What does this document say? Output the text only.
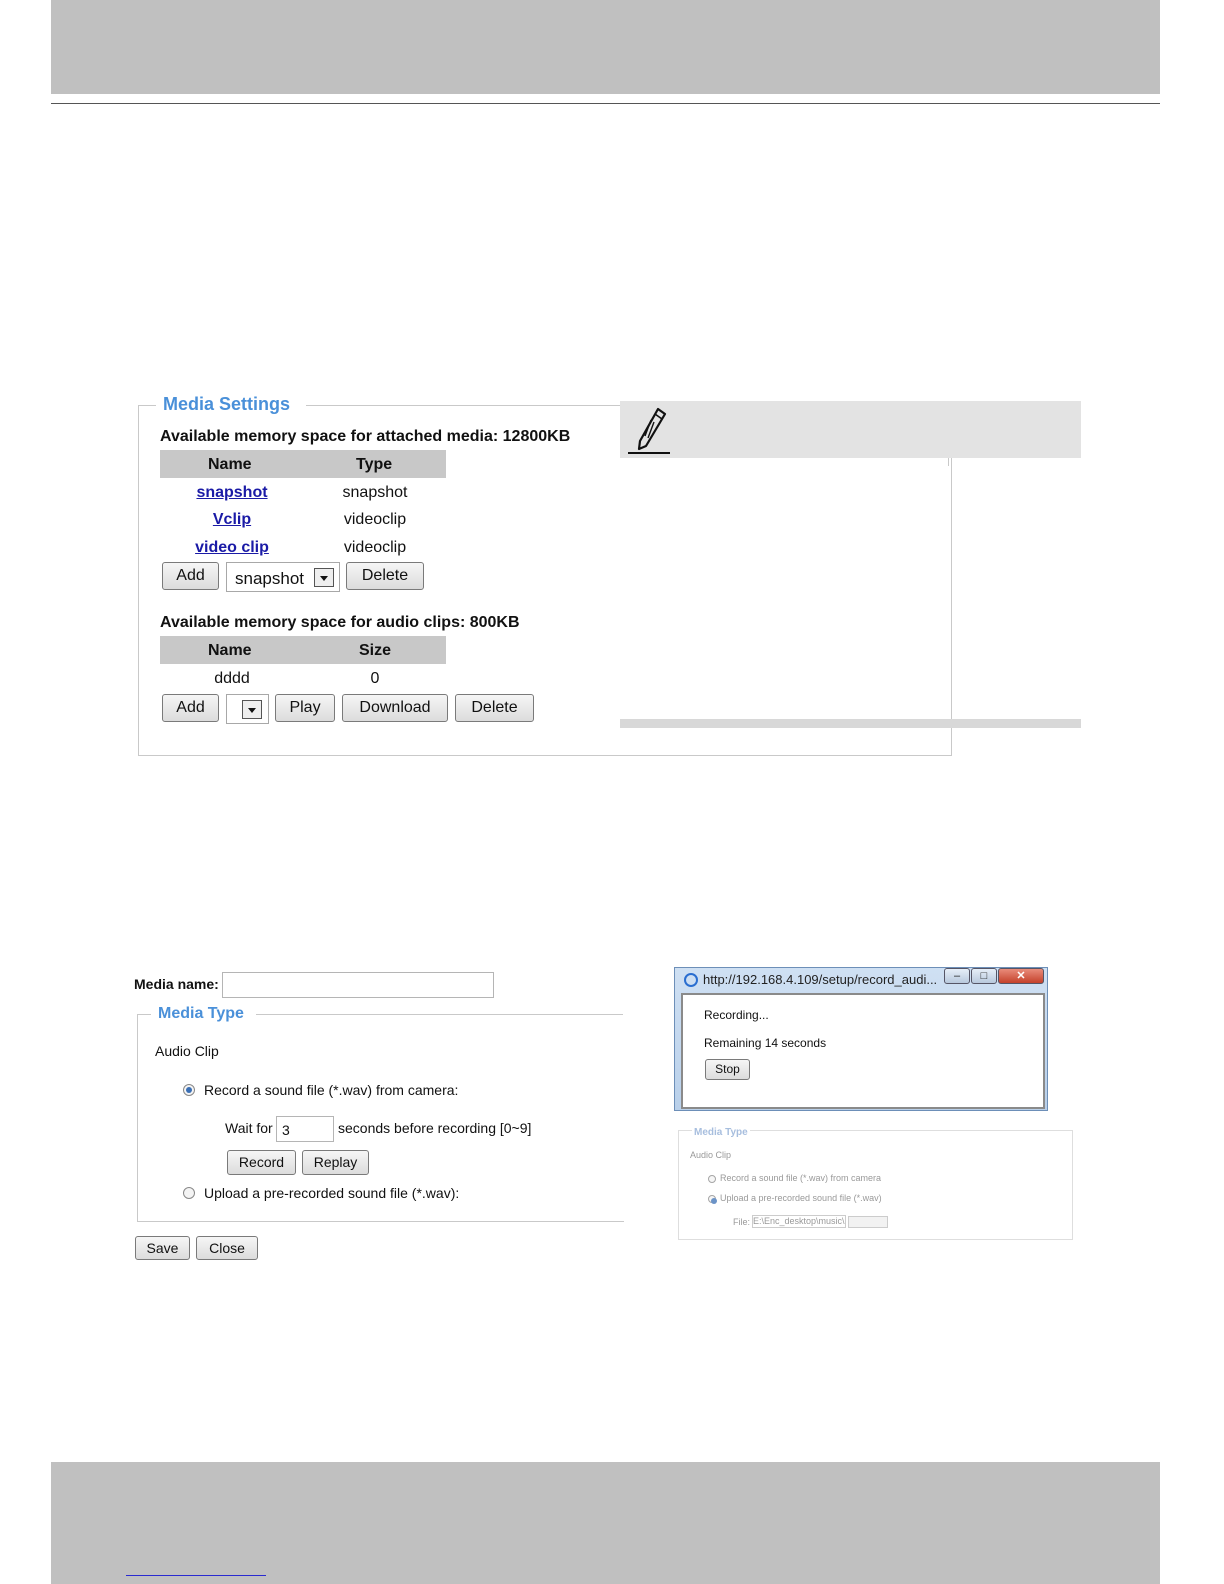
Media Settings
Available memory space for attached media: 12800KB
Name	Type
snapshot	snapshot
Vclip	videoclip
video clip	videoclip
Add	snapshot	Delete
Available memory space for audio clips: 800KB
Name	Size
dddd	0
Add	Play	Download	Delete
Media name:
Media Type
Audio Clip
Record a sound file (*.wav) from camera:
Wait for 3	seconds before recording [0~9]
Record	Replay
Upload a pre-recorded sound file (*.wav):
Save	Close
http://192.168.4.109/setup/record_audi...	–	□	✕
Recording...
Remaining 14 seconds
Stop
Media Type
Audio Clip
Record a sound file (*.wav) from camera
Upload a pre-recorded sound file (*.wav)
File: E:\Enc_desktop\music\
